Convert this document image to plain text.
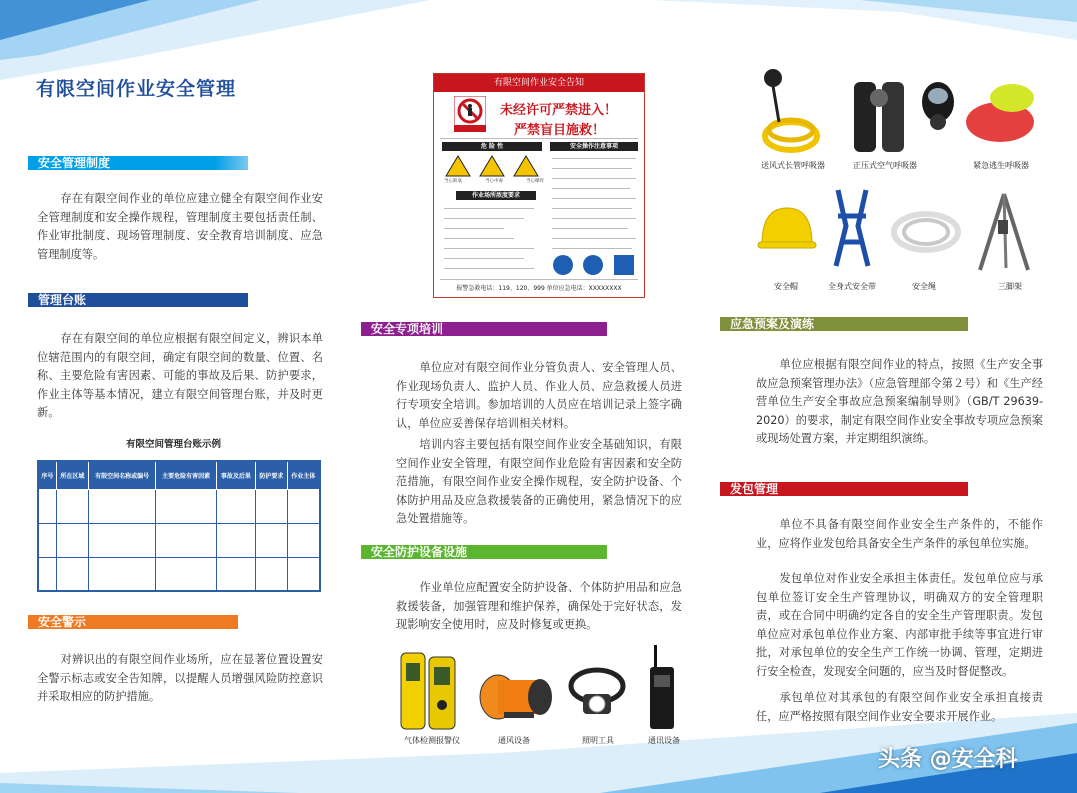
有限空间作业安全管理
安全管理制度
存在有限空间作业的单位应建立健全有限空间作业安全管理制度和安全操作规程，管理制度主要包括责任制、作业审批制度、现场管理制度、安全教育培训制度、应急管理制度等。
管理台账
存在有限空间的单位应根据有限空间定义，辨识本单位辖范围内的有限空间，确定有限空间的数量、位置、名称、主要危险有害因素、可能的事故及后果、防护要求，作业主体等基本情况，建立有限空间管理台账，并及时更新。
有限空间管理台账示例
序号	所在区域	有限空间名称或编号	主要危险有害因素	事故及后果	防护要求	作业主体

安全警示
对辨识出的有限空间作业场所，应在显著位置设置安全警示标志或安全告知牌，以提醒人员增强风险防控意识并采取相应的防护措施。
有限空间作业安全告知
未经许可严禁进入！
严禁盲目施救！
危 险 性	安全操作注意事项
当心缺氧	当心中毒	当心爆炸
作业场所浓度要求
报警急救电话：119、120、999 单位应急电话：XXXXXXXX
安全专项培训
单位应对有限空间作业分管负责人、安全管理人员、作业现场负责人、监护人员、作业人员、应急救援人员进行专项安全培训。参加培训的人员应在培训记录上签字确认，单位应妥善保存培训相关材料。
培训内容主要包括有限空间作业安全基础知识，有限空间作业安全管理，有限空间作业危险有害因素和安全防范措施，有限空间作业安全操作规程，安全防护设备、个体防护用品及应急救援装备的正确使用，紧急情况下的应急处置措施等。
安全防护设备设施
作业单位应配置安全防护设备、个体防护用品和应急救援装备，加强管理和维护保养，确保处于完好状态，发现影响安全使用时，应及时修复或更换。
气体检测报警仪	通风设备	照明工具	通讯设备
送风式长管呼吸器	正压式空气呼吸器	紧急逃生呼吸器
安全帽	全身式安全带	安全绳	三脚架
应急预案及演练
单位应根据有限空间作业的特点，按照《生产安全事故应急预案管理办法》（应急管理部令第２号）和《生产经营单位生产安全事故应急预案编制导则》（GB/T 29639-2020）的要求，制定有限空间作业安全事故专项应急预案或现场处置方案，并定期组织演练。
发包管理
单位不具备有限空间作业安全生产条件的，不能作业，应将作业发包给具备安全生产条件的承包单位实施。
发包单位对作业安全承担主体责任。发包单位应与承包单位签订安全生产管理协议，明确双方的安全管理职责，或在合同中明确约定各自的安全生产管理职责。发包单位应对承包单位作业方案、内部审批手续等事宜进行审批，对承包单位的安全生产工作统一协调、管理，定期进行安全检查，发现安全问题的，应当及时督促整改。
承包单位对其承包的有限空间作业安全承担直接责任，应严格按照有限空间作业安全要求开展作业。
头条 @安全科
